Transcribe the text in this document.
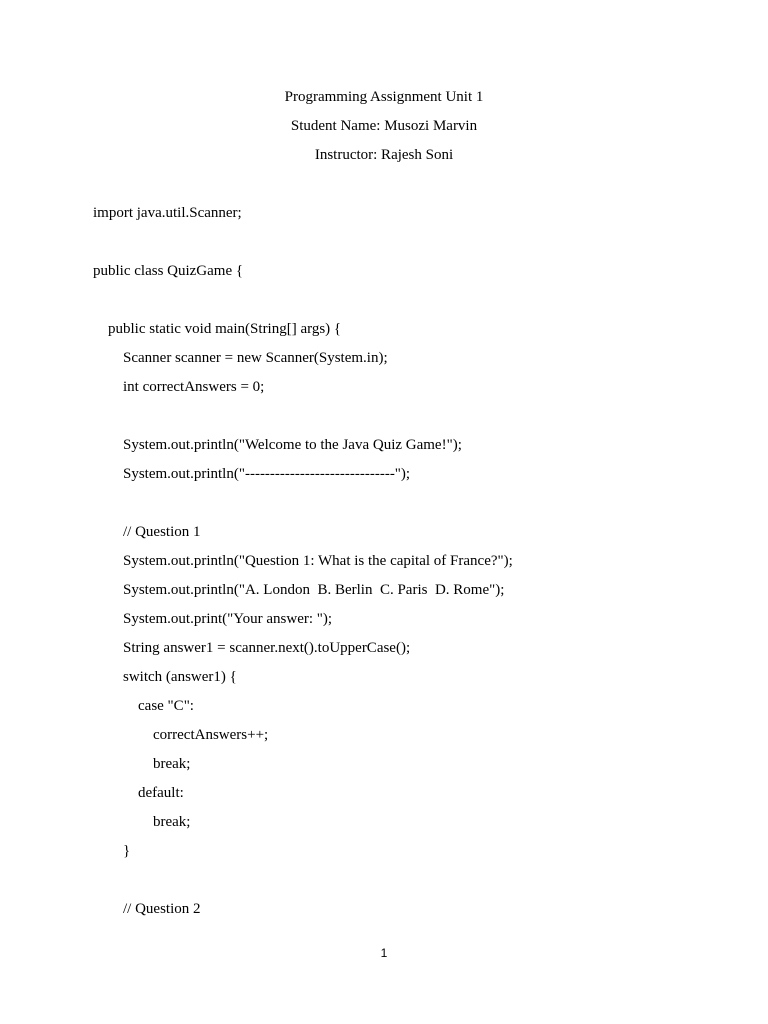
Programming Assignment Unit 1
Student Name: Musozi Marvin
Instructor: Rajesh Soni

import java.util.Scanner;

public class QuizGame {

public static void main(String[] args) {

Scanner scanner = new Scanner(System.in);

int correctAnswers = 0;

System.out.println("Welcome to the Java Quiz Game!");

System.out.println("------------------------------");

// Question 1

System.out.println("Question 1: What is the capital of France?");

System.out.println("A. London  B. Berlin  C. Paris  D. Rome");

System.out.print("Your answer: ");

String answer1 = scanner.next().toUpperCase();

switch (answer1) {

case "C":

correctAnswers++;

break;

default:

break;

}

// Question 2

1
